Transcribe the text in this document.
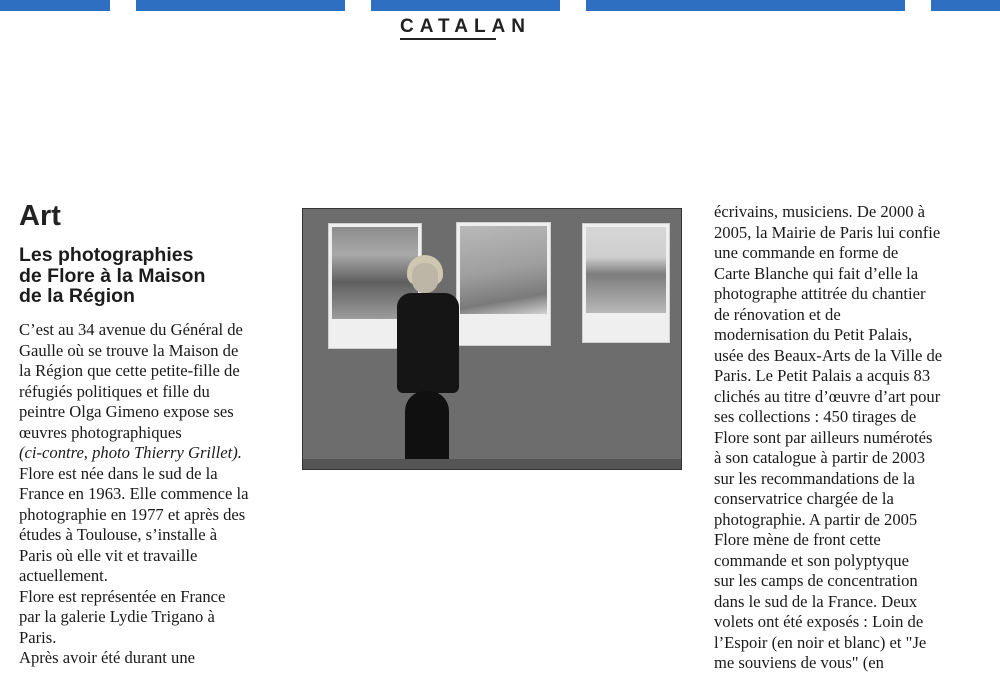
CATALAN
Art
Les photographies
de Flore à la Maison
de la Région
C’est au 34 avenue du Général de
Gaulle où se trouve la Maison de
la Région que cette petite-fille de
réfugiés politiques et fille du
peintre Olga Gimeno expose ses
œuvres photographiques
(ci-contre, photo Thierry Grillet).
Flore est née dans le sud de la
France en 1963. Elle commence la
photographie en 1977 et après des
études à Toulouse, s’installe à
Paris où elle vit et travaille
actuellement.
Flore est représentée en France
par la galerie Lydie Trigano à
Paris.
Après avoir été durant une
écrivains, musiciens. De 2000 à
2005, la Mairie de Paris lui confie
une commande en forme de
Carte Blanche qui fait d’elle la
photographe attitrée du chantier
de rénovation et de
modernisation du Petit Palais,
usée des Beaux-Arts de la Ville de
Paris. Le Petit Palais a acquis 83
clichés au titre d’œuvre d’art pour
ses collections : 450 tirages de
Flore sont par ailleurs numérotés
à son catalogue à partir de 2003
sur les recommandations de la
conservatrice chargée de la
photographie. A partir de 2005
Flore mène de front cette
commande et son polyptyque
sur les camps de concentration
dans le sud de la France. Deux
volets ont été exposés : Loin de
l’Espoir (en noir et blanc) et "Je
me souviens de vous" (en
